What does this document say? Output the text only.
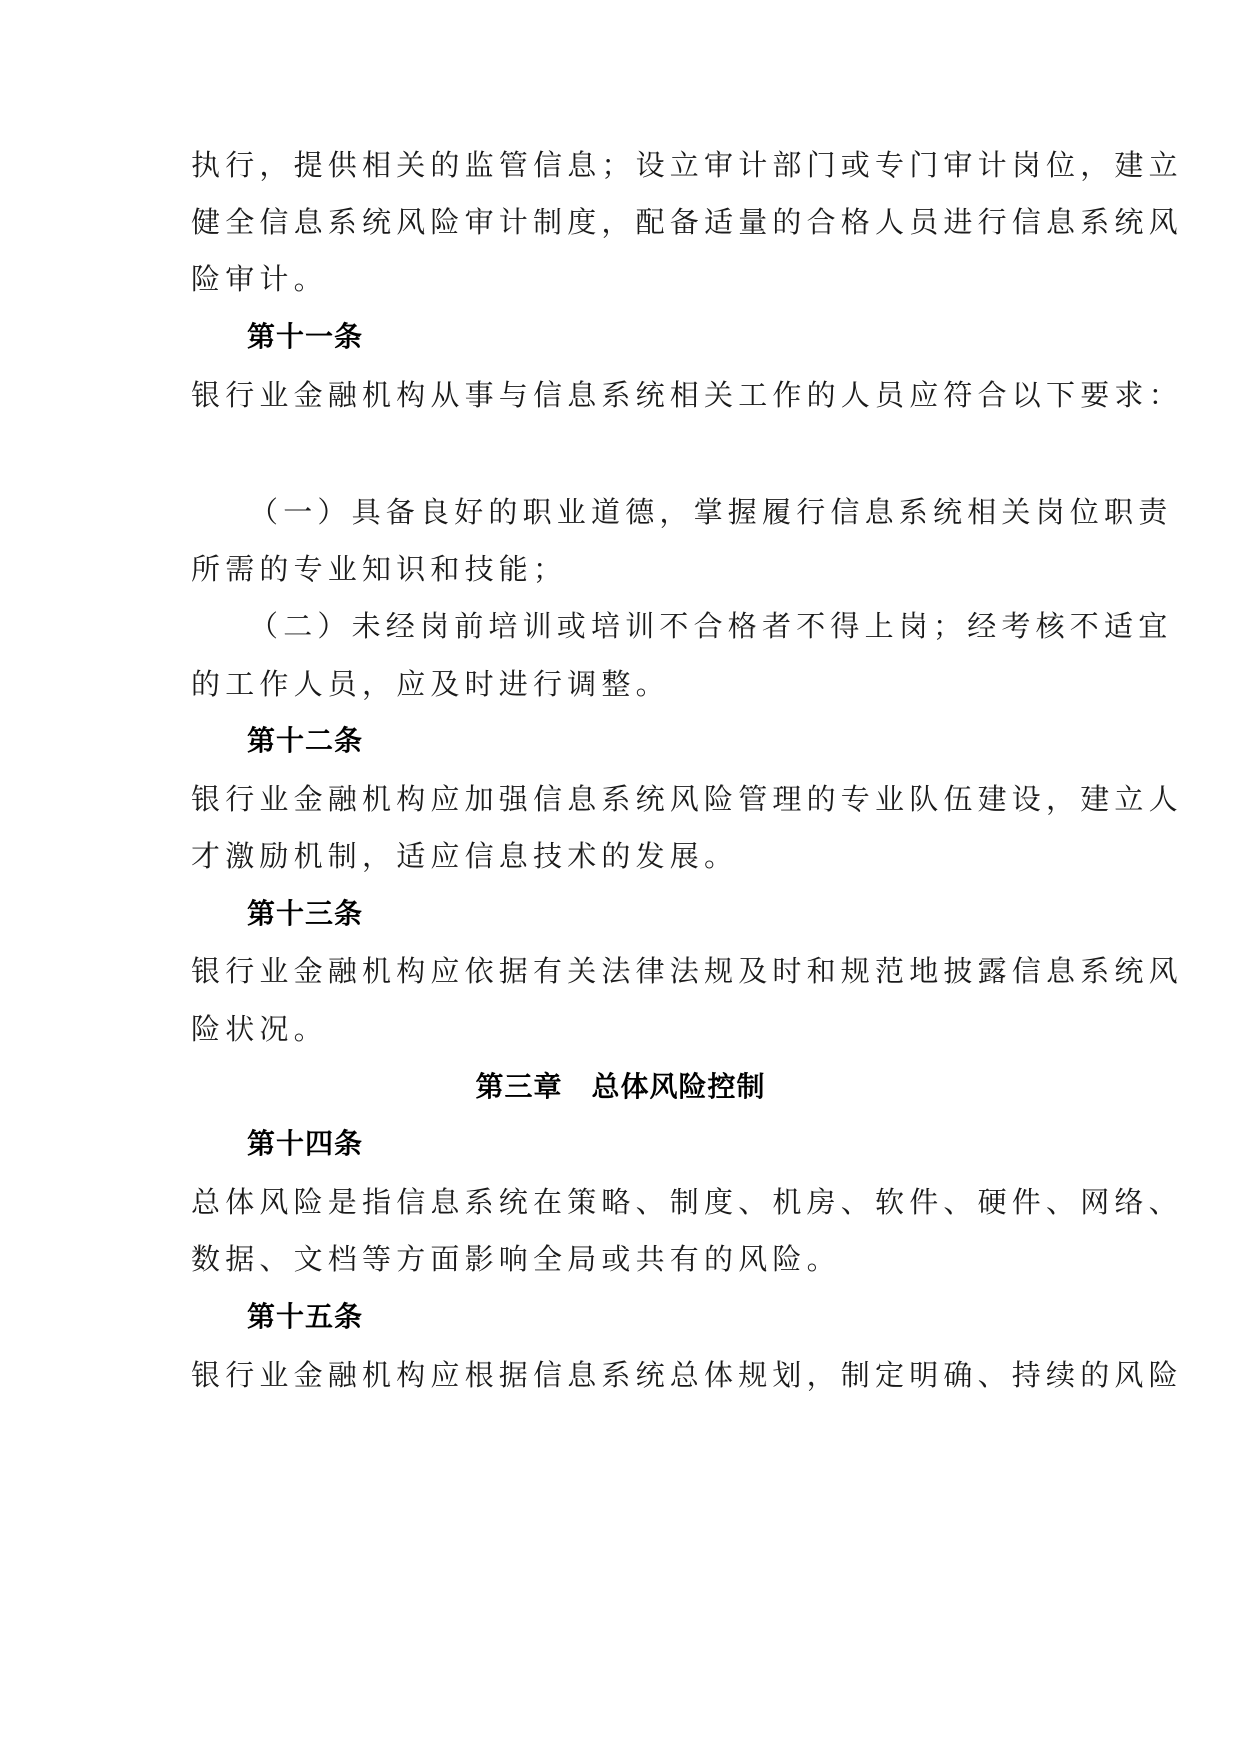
执行，提供相关的监管信息；设立审计部门或专门审计岗位，建立
健全信息系统风险审计制度，配备适量的合格人员进行信息系统风
险审计。
第十一条
银行业金融机构从事与信息系统相关工作的人员应符合以下要求：
（一）具备良好的职业道德，掌握履行信息系统相关岗位职责
所需的专业知识和技能；
（二）未经岗前培训或培训不合格者不得上岗；经考核不适宜
的工作人员，应及时进行调整。
第十二条
银行业金融机构应加强信息系统风险管理的专业队伍建设，建立人
才激励机制，适应信息技术的发展。
第十三条
银行业金融机构应依据有关法律法规及时和规范地披露信息系统风
险状况。
第三章　总体风险控制
第十四条
总体风险是指信息系统在策略、制度、机房、软件、硬件、网络、
数据、文档等方面影响全局或共有的风险。
第十五条
银行业金融机构应根据信息系统总体规划，制定明确、持续的风险
